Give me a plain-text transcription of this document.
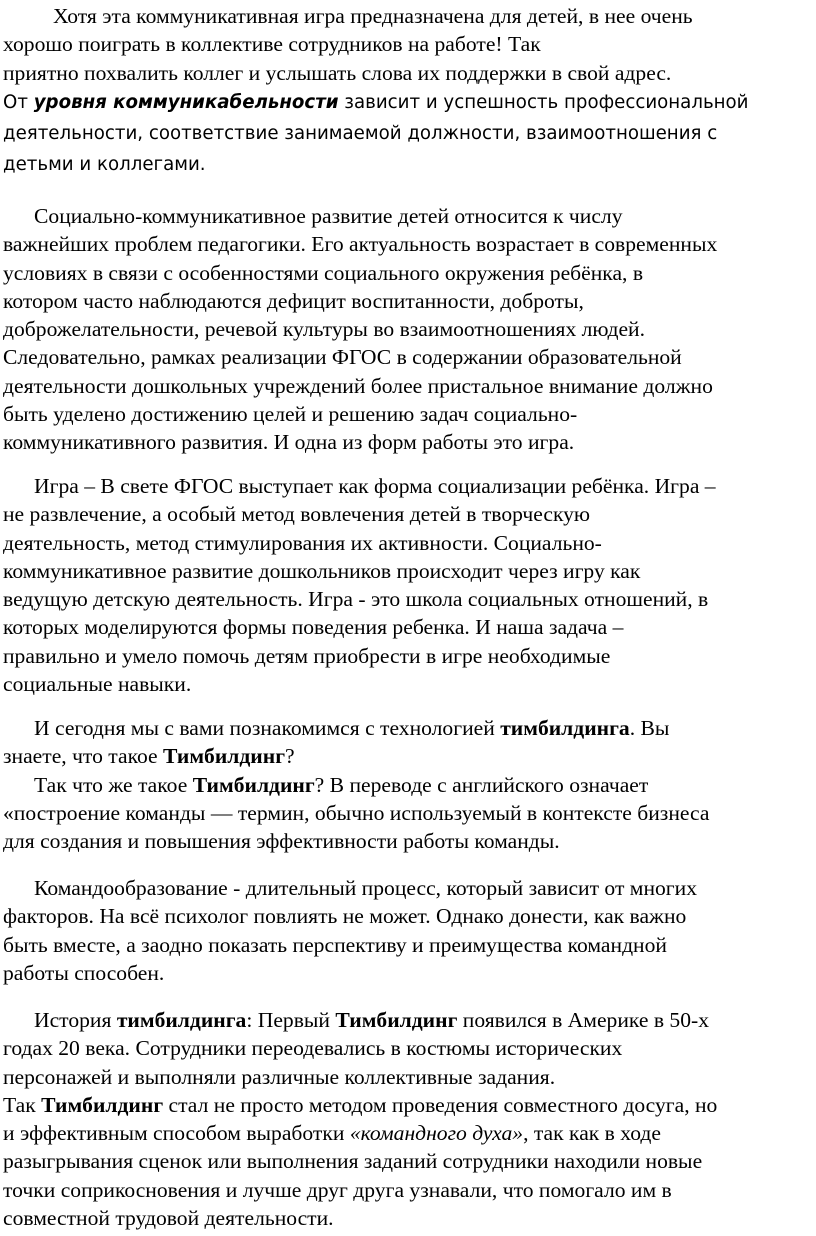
Хотя эта коммуникативная игра предназначена для детей, в нее очень
хорошо поиграть в коллективе сотрудников на работе! Так
приятно похвалить коллег и услышать слова их поддержки в свой адрес.
От уровня коммуникабельности зависит и успешность профессиональной
деятельности, соответствие занимаемой должности, взаимоотношения с
детьми и коллегами.
Социально-коммуникативное развитие детей относится к числу
важнейших проблем педагогики. Его актуальность возрастает в современных
условиях в связи с особенностями социального окружения ребёнка, в
котором часто наблюдаются дефицит воспитанности, доброты,
доброжелательности, речевой культуры во взаимоотношениях людей.
Следовательно, рамках реализации ФГОС в содержании образовательной
деятельности дошкольных учреждений более пристальное внимание должно
быть уделено достижению целей и решению задач социально-
коммуникативного развития. И одна из форм работы это игра.
Игра – В свете ФГОС выступает как форма социализации ребёнка. Игра –
не развлечение, а особый метод вовлечения детей в творческую
деятельность, метод стимулирования их активности. Социально-
коммуникативное развитие дошкольников происходит через игру как
ведущую детскую деятельность. Игра - это школа социальных отношений, в
которых моделируются формы поведения ребенка. И наша задача –
правильно и умело помочь детям приобрести в игре необходимые
социальные навыки.
И сегодня мы с вами познакомимся с технологией тимбилдинга. Вы
знаете, что такое Тимбилдинг?
Так что же такое Тимбилдинг? В переводе с английского означает
«построение команды — термин, обычно используемый в контексте бизнеса
для создания и повышения эффективности работы команды.
Командообразование - длительный процесс, который зависит от многих
факторов. На всё психолог повлиять не может. Однако донести, как важно
быть вместе, а заодно показать перспективу и преимущества командной
работы способен.
История тимбилдинга: Первый Тимбилдинг появился в Америке в 50-х
годах 20 века. Сотрудники переодевались в костюмы исторических
персонажей и выполняли различные коллективные задания.
Так Тимбилдинг стал не просто методом проведения совместного досуга, но
и эффективным способом выработки «командного духа», так как в ходе
разыгрывания сценок или выполнения заданий сотрудники находили новые
точки соприкосновения и лучше друг друга узнавали, что помогало им в
совместной трудовой деятельности.
